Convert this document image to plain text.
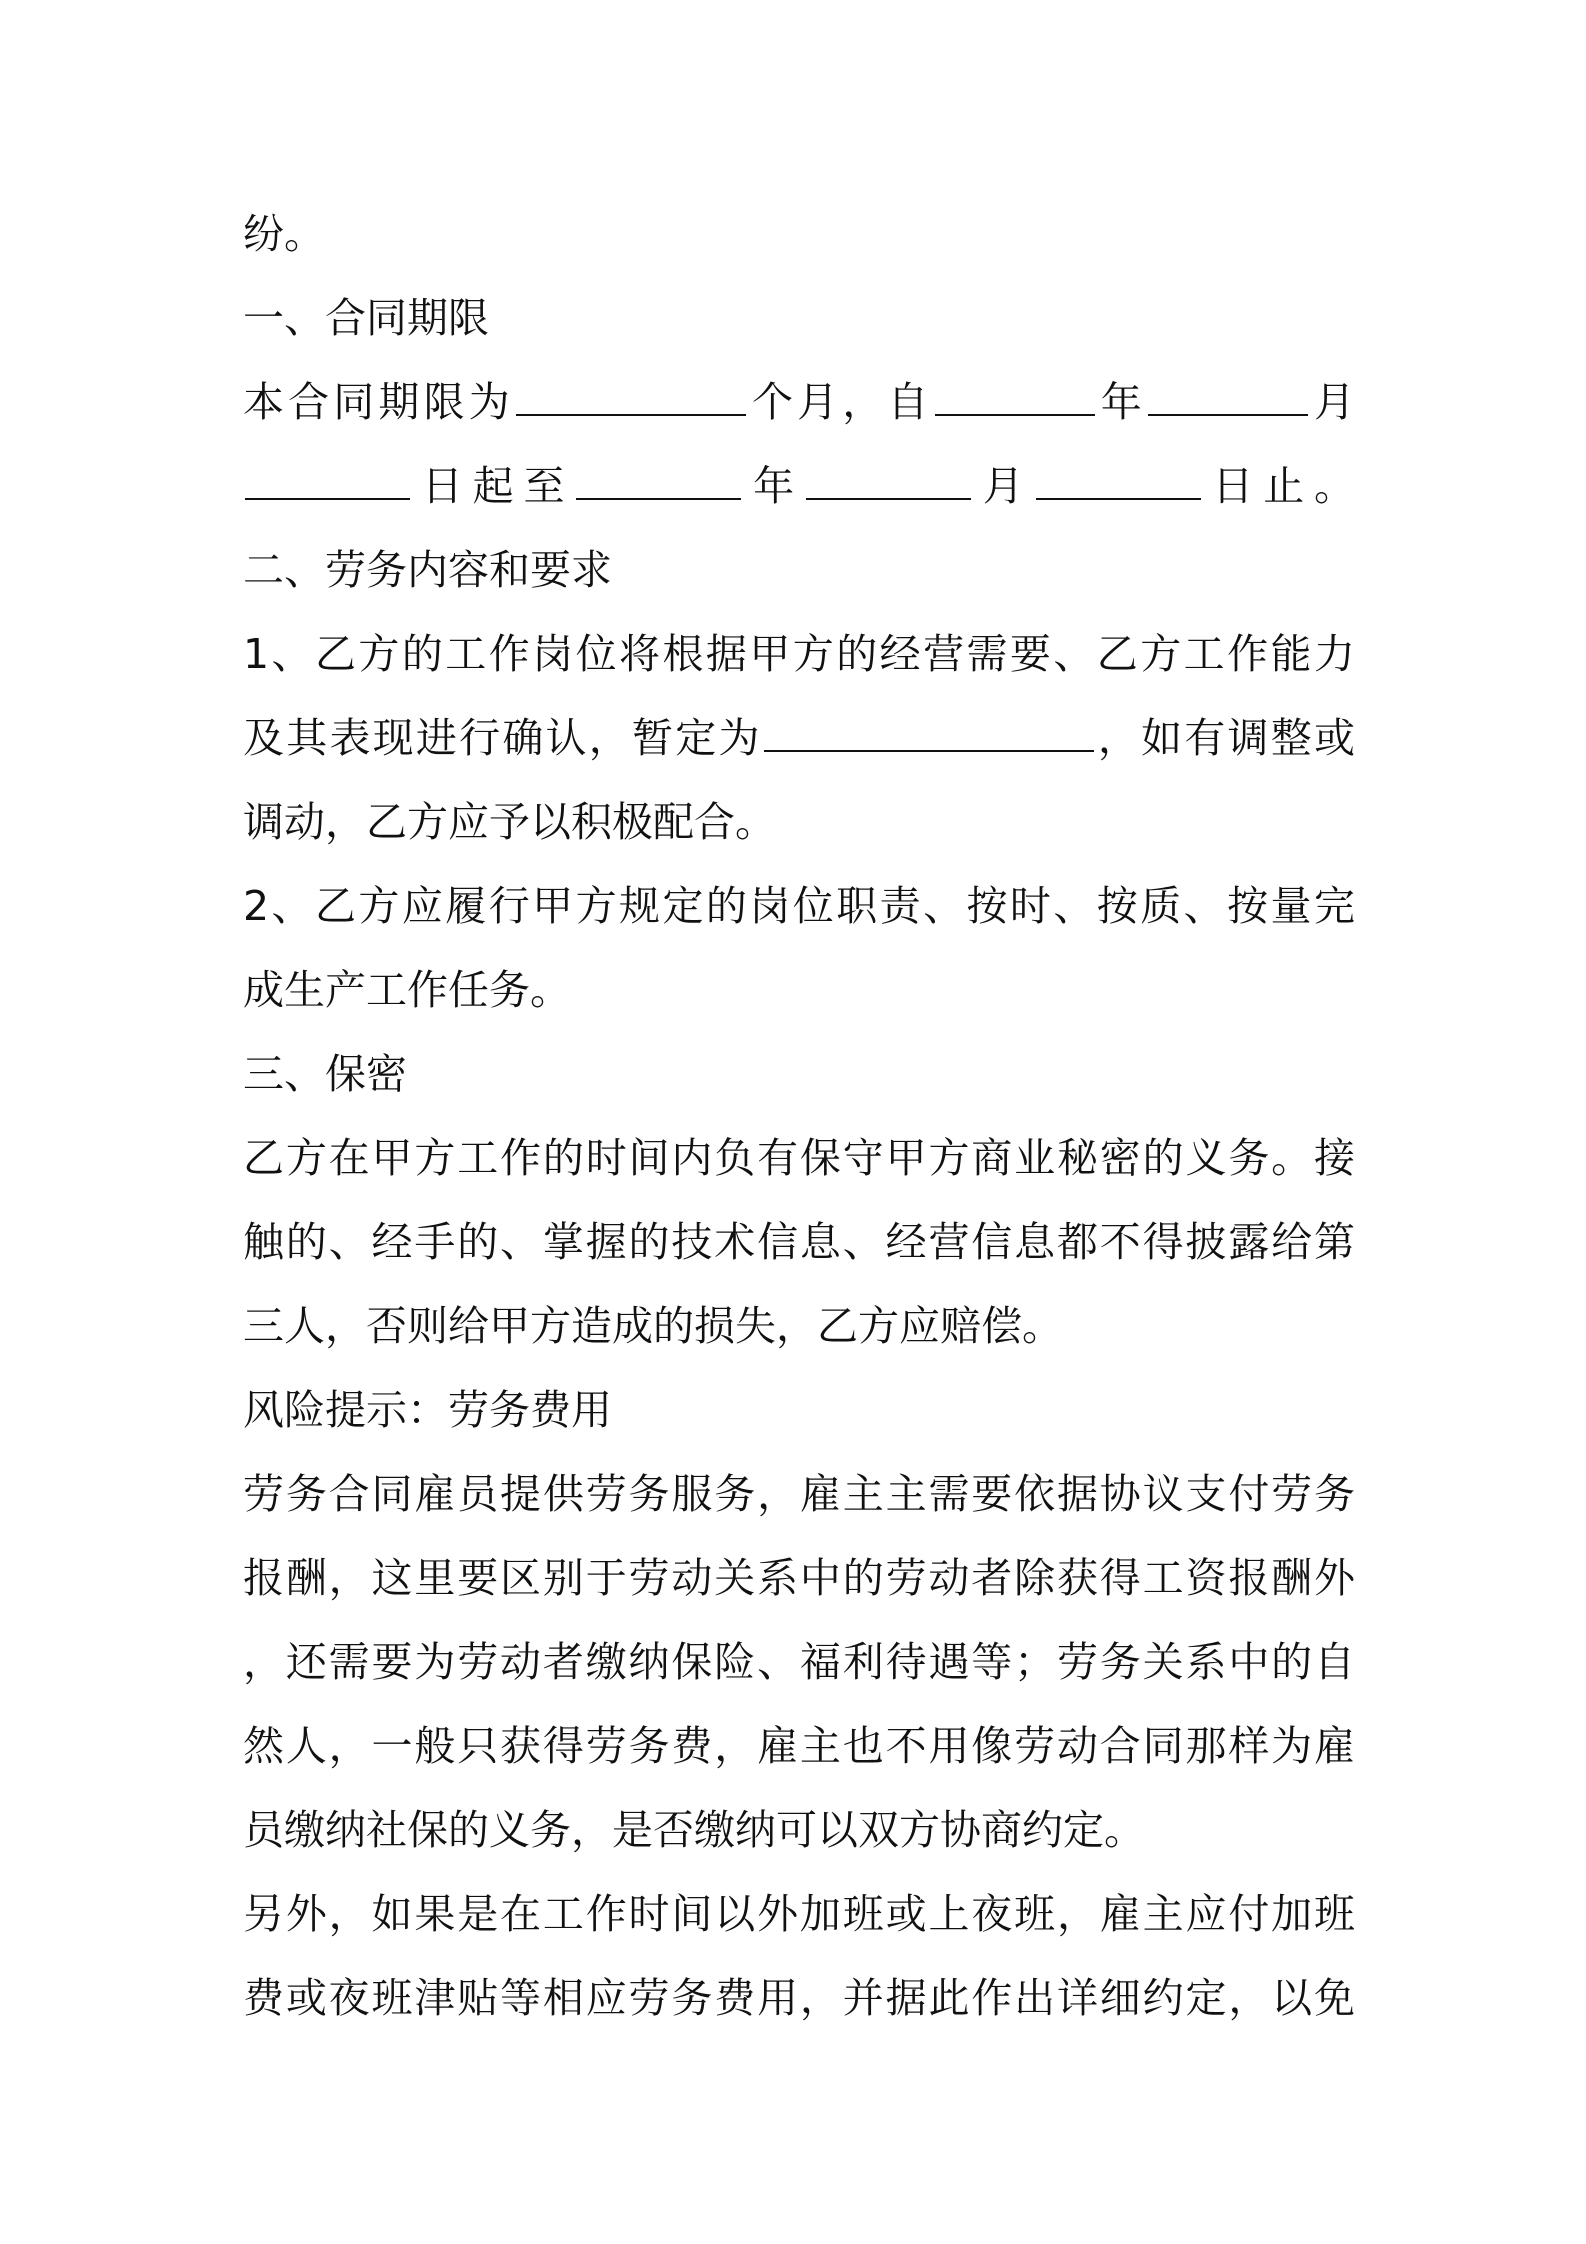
纷。
一、合同期限
本合同期限为	个月，自	年	月
日起至	年	月	日止。
二、劳务内容和要求
1、乙方的工作岗位将根据甲方的经营需要、乙方工作能力
及其表现进行确认，暂定为	，如有调整或
调动，乙方应予以积极配合。
2、乙方应履行甲方规定的岗位职责、按时、按质、按量完
成生产工作任务。
三、保密
乙方在甲方工作的时间内负有保守甲方商业秘密的义务。接
触的、经手的、掌握的技术信息、经营信息都不得披露给第
三人，否则给甲方造成的损失，乙方应赔偿。
风险提示：劳务费用
劳务合同雇员提供劳务服务，雇主主需要依据协议支付劳务
报酬，这里要区别于劳动关系中的劳动者除获得工资报酬外
，还需要为劳动者缴纳保险、福利待遇等；劳务关系中的自
然人，一般只获得劳务费，雇主也不用像劳动合同那样为雇
员缴纳社保的义务，是否缴纳可以双方协商约定。
另外，如果是在工作时间以外加班或上夜班，雇主应付加班
费或夜班津贴等相应劳务费用，并据此作出详细约定，以免
